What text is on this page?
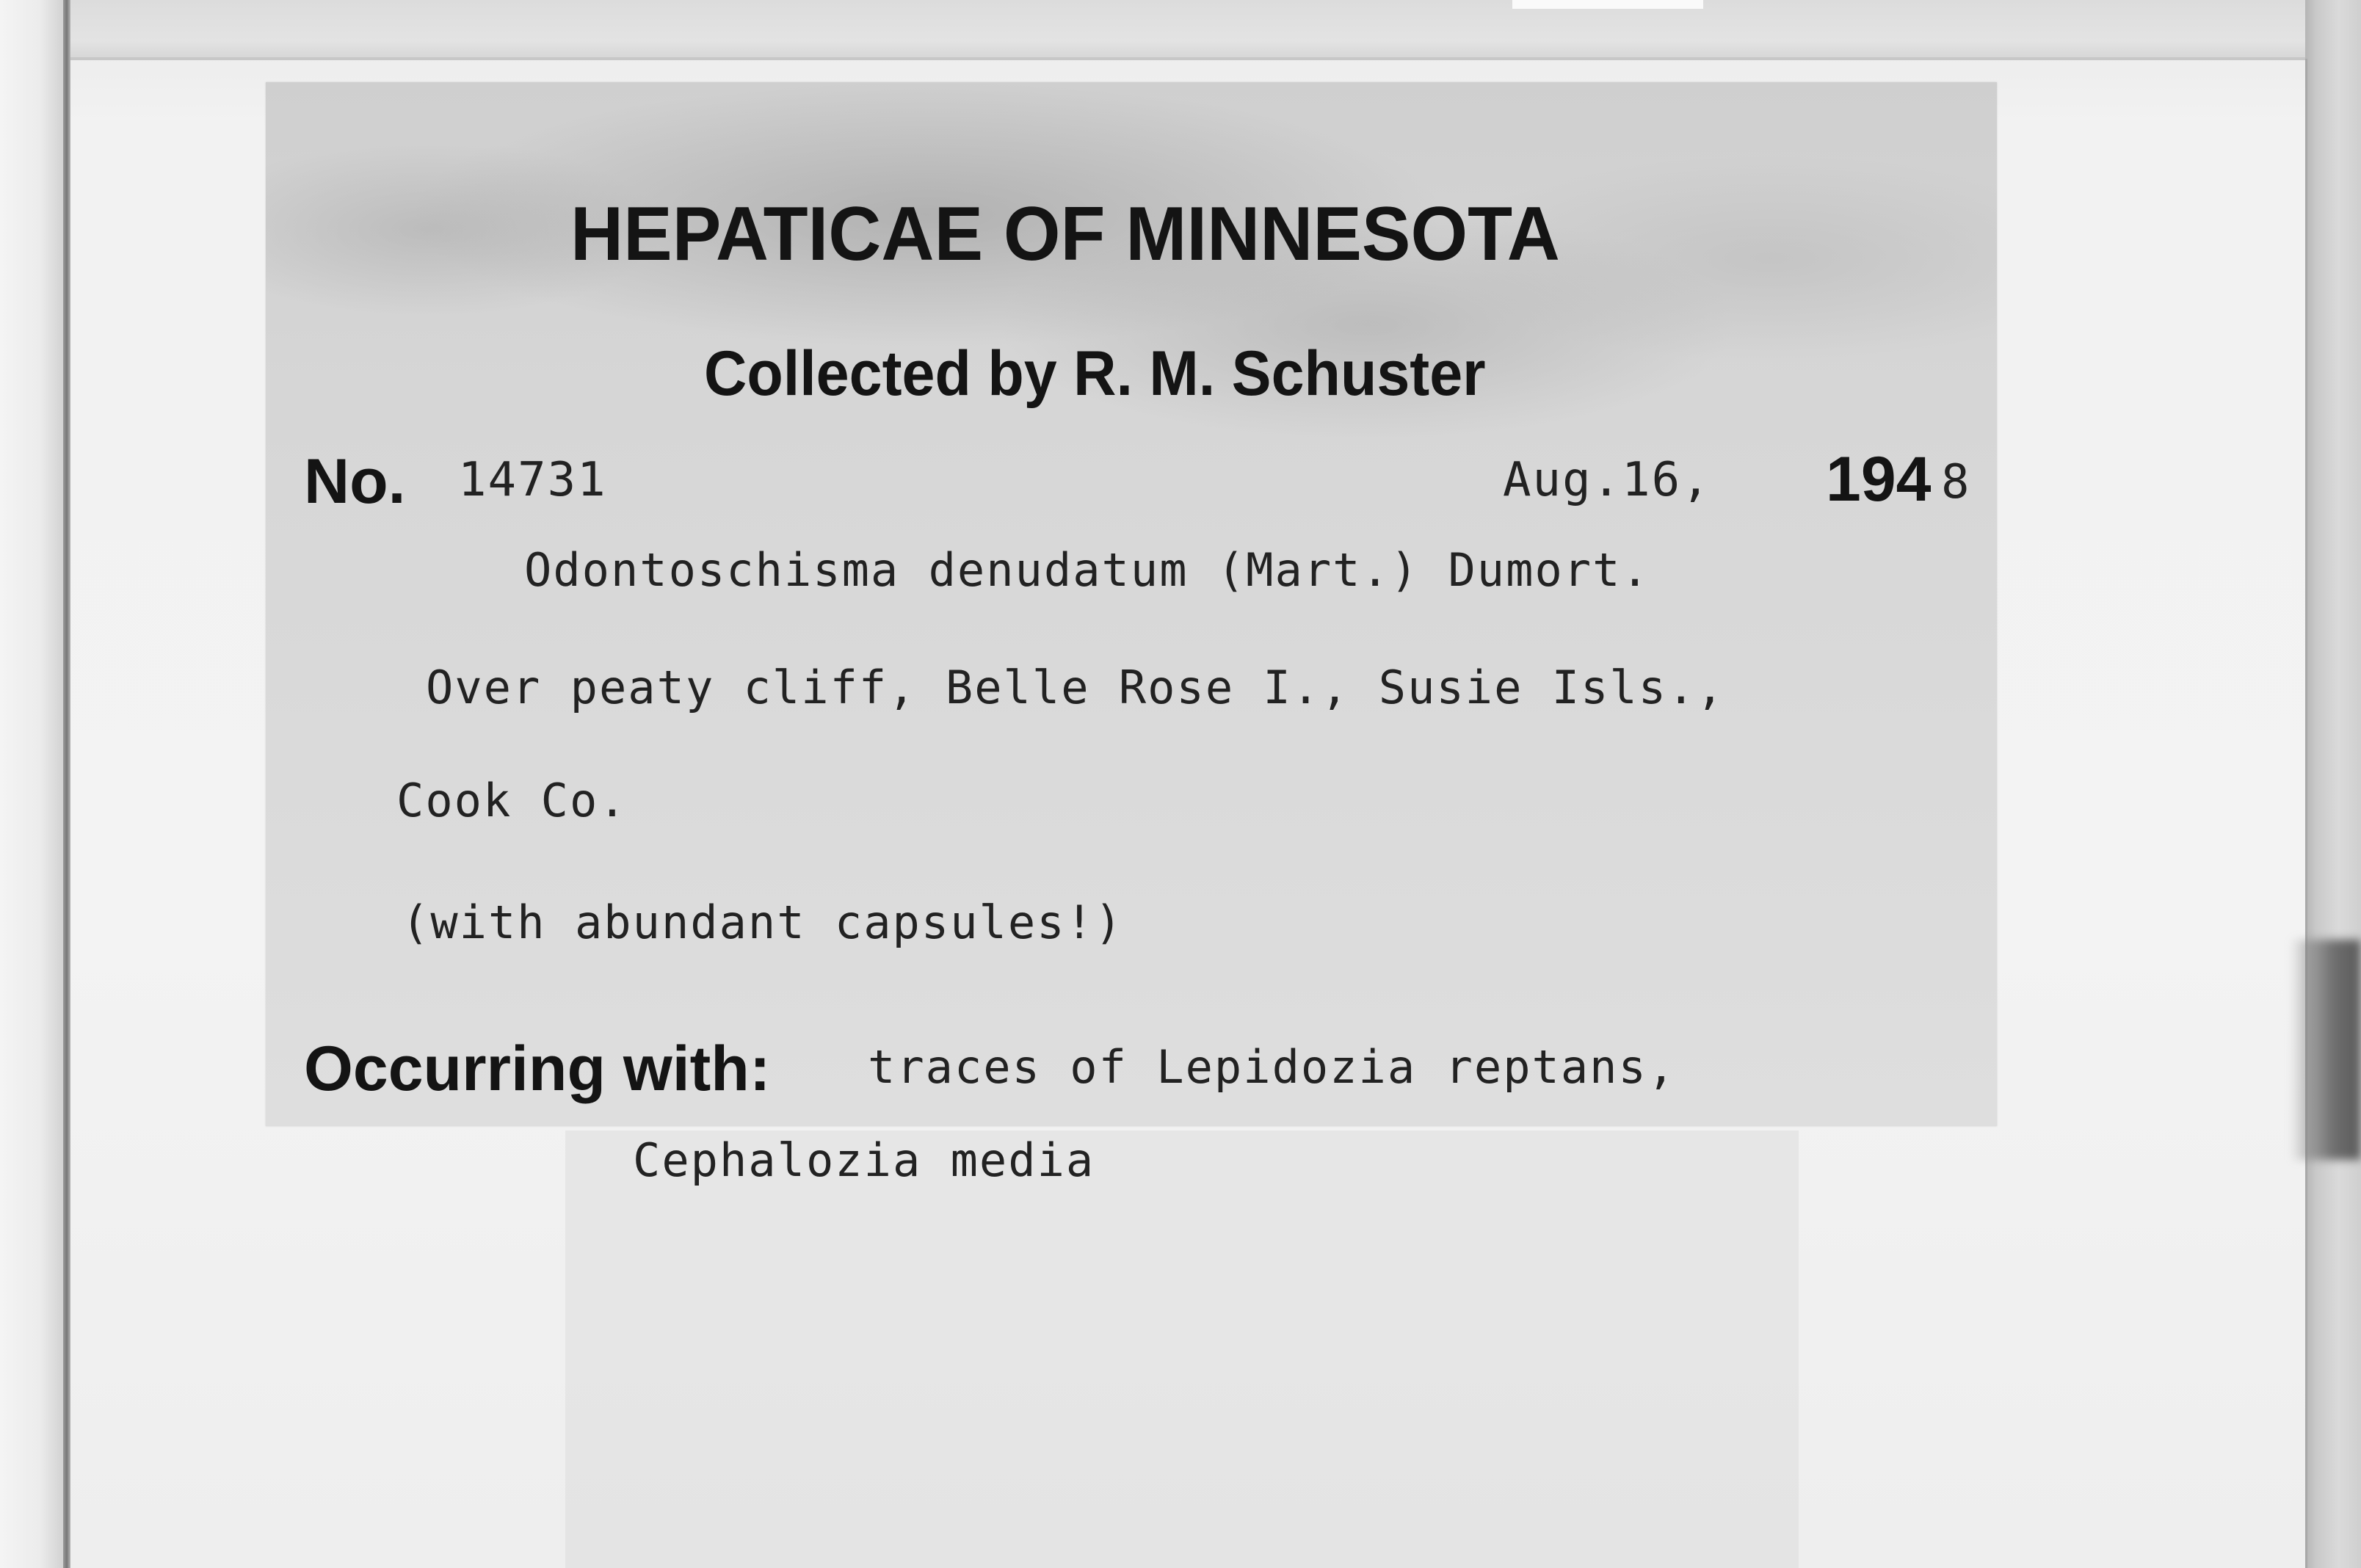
HEPATICAE OF MINNESOTA
Collected by R. M. Schuster
No. 14731	Aug.16, 194 8
Odontoschisma denudatum (Mart.) Dumort.
Over peaty cliff, Belle Rose I., Susie Isls.,
Cook Co.
(with abundant capsules!)
Occurring with: traces of Lepidozia reptans,
Cephalozia media
